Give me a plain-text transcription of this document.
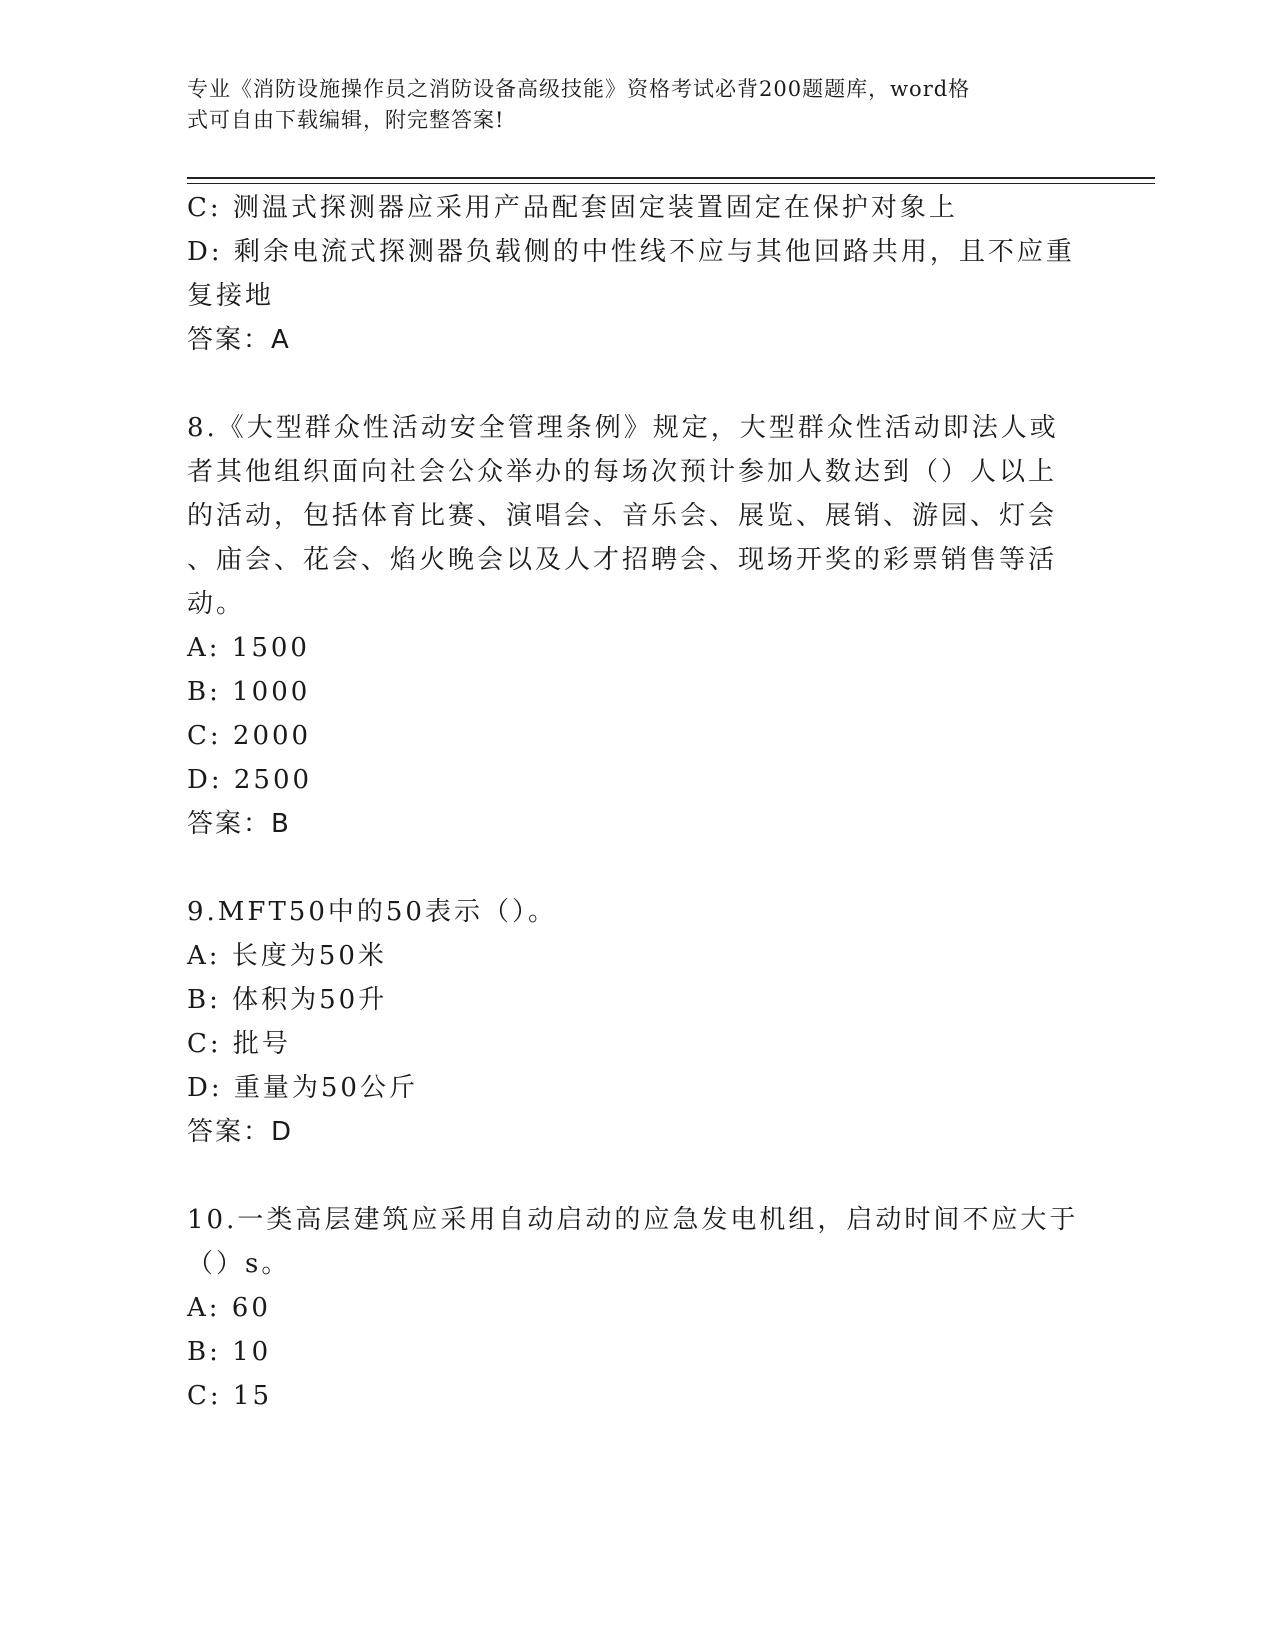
专业《消防设施操作员之消防设备高级技能》资格考试必背200题题库，word格
式可自由下载编辑，附完整答案!
C: 测温式探测器应采用产品配套固定装置固定在保护对象上
D: 剩余电流式探测器负载侧的中性线不应与其他回路共用，且不应重
复接地
答案：A
8.《大型群众性活动安全管理条例》规定，大型群众性活动即法人或
者其他组织面向社会公众举办的每场次预计参加人数达到（）人以上
的活动，包括体育比赛、演唱会、音乐会、展览、展销、游园、灯会
、庙会、花会、焰火晚会以及人才招聘会、现场开奖的彩票销售等活
动。
A: 1500
B: 1000
C: 2000
D: 2500
答案：B
9.MFT50中的50表示（）。
A: 长度为50米
B: 体积为50升
C: 批号
D: 重量为50公斤
答案：D
10.一类高层建筑应采用自动启动的应急发电机组，启动时间不应大于
（）s。
A: 60
B: 10
C: 15
